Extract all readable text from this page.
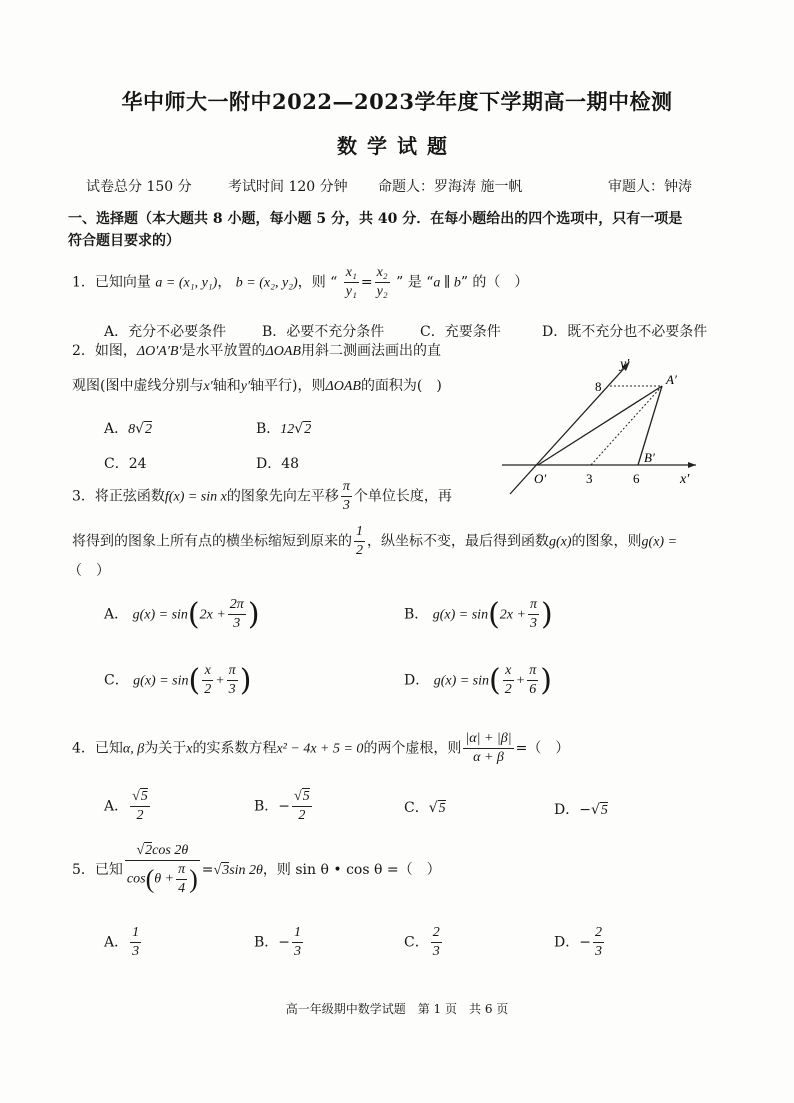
华中师大一附中2022—2023学年度下学期高一期中检测
数学试题
试卷总分 150 分	考试时间 120 分钟 命题人：罗海涛 施一帆	审题人：钟涛
一、选择题（本大题共 8 小题，每小题 5 分，共 40 分．在每小题给出的四个选项中，只有一项是
符合题目要求的）
1．已知向量 a = (x₁, y₁)， b = (x₂, y₂)，则 “ $\frac{\text{x₁}}{\text{y₁}} = \frac{\text{x₂}}{\text{y₂}}$ ” 是 “a ∥ b” 的（　）
A．充分不必要条件	B．必要不充分条件	C．充要条件	D．既不充分也不必要条件
2．如图，ΔO′A′B′是水平放置的ΔOAB用斜二测画法画出的直
观图(图中虚线分别与x′轴和y′轴平行)，则ΔOAB的面积为(　)
A．8√2	B．12√2
C．24	D．48
y′
8	A′
B′
O′	3	6	x′
3．将正弦函数f(x) = sin x的图象先向左平移 $\frac{\pi}{3}$ 个单位长度，再
将得到的图象上所有点的横坐标缩短到原来的 $\frac{1}{2}$ ，纵坐标不变，最后得到函数g(x)的图象，则g(x) =
（　）
A． $g(x) = \sin(2x + \frac{2\pi}{3}$ )	B． $g(x) = \sin(2x + \frac{\pi}{3}$ )
C． $g(x) = \sin( \frac{x}{2} + \frac{\pi}{3}$ )	D． $g(x) = \sin( \frac{x}{2} + \frac{\pi}{6}$ )
4．已知α, β为关于x的实系数方程x² − 4x + 5 = 0的两个虚根，则 $\frac{|\alpha| + |\beta|}{\alpha + \beta}$ =（　）
A． $\frac{√5}{2}$	B．− $\frac{√5}{2}$	C．√5	D．−√5
5．已知 $\frac{√2\cos 2\theta}{\cos(\theta + \frac{\pi}{4} )} =√3\sin$ 2θ，则 sin θ • cos θ =（　）
A． $\frac{1}{3}$	B．− $\frac{1}{3}$	C． $\frac{2}{3}$	D．− $\frac{2}{3}$
高一年级期中数学试题　第 1 页　共 6 页
